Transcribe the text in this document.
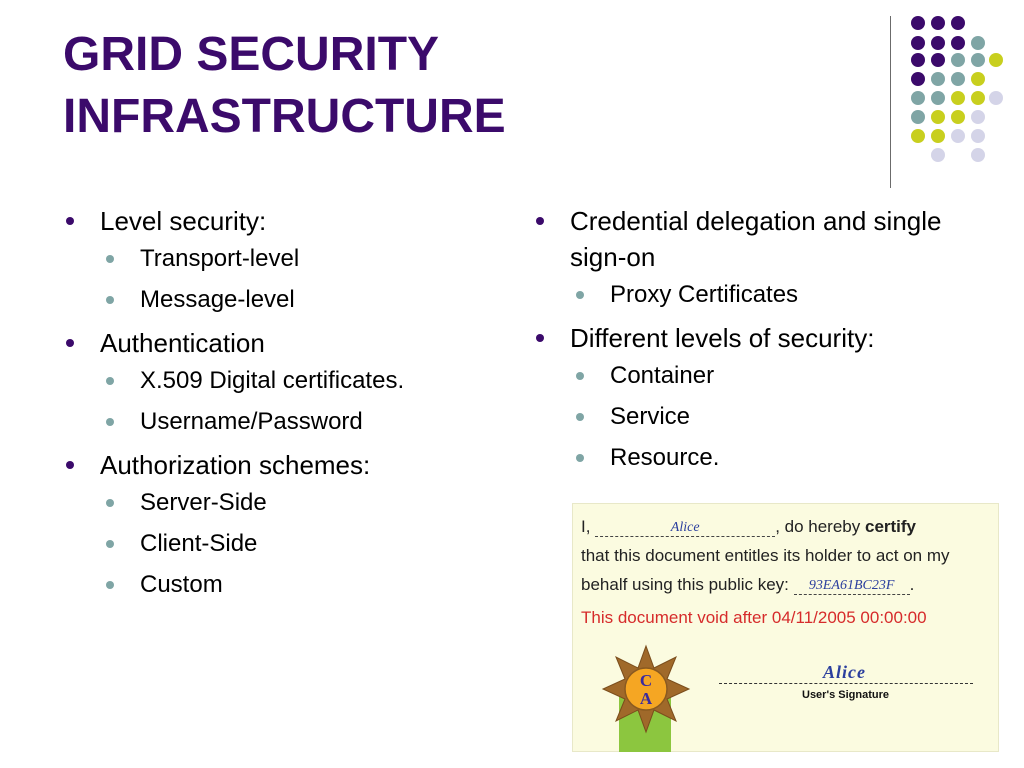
GRID SECURITY
INFRASTRUCTURE
Level security:
Transport-level
Message-level
Authentication
X.509 Digital certificates.
Username/Password
Authorization schemes:
Server-Side
Client-Side
Custom
Credential delegation and single sign-on
Proxy Certificates
Different levels of security:
Container
Service
Resource.
I,	Alice	, do hereby certify
that this document entitles its holder to act on my
behalf using this public key: 93EA61BC23F .
This document void after 04/11/2005 00:00:00
C
A
Alice
User's Signature
